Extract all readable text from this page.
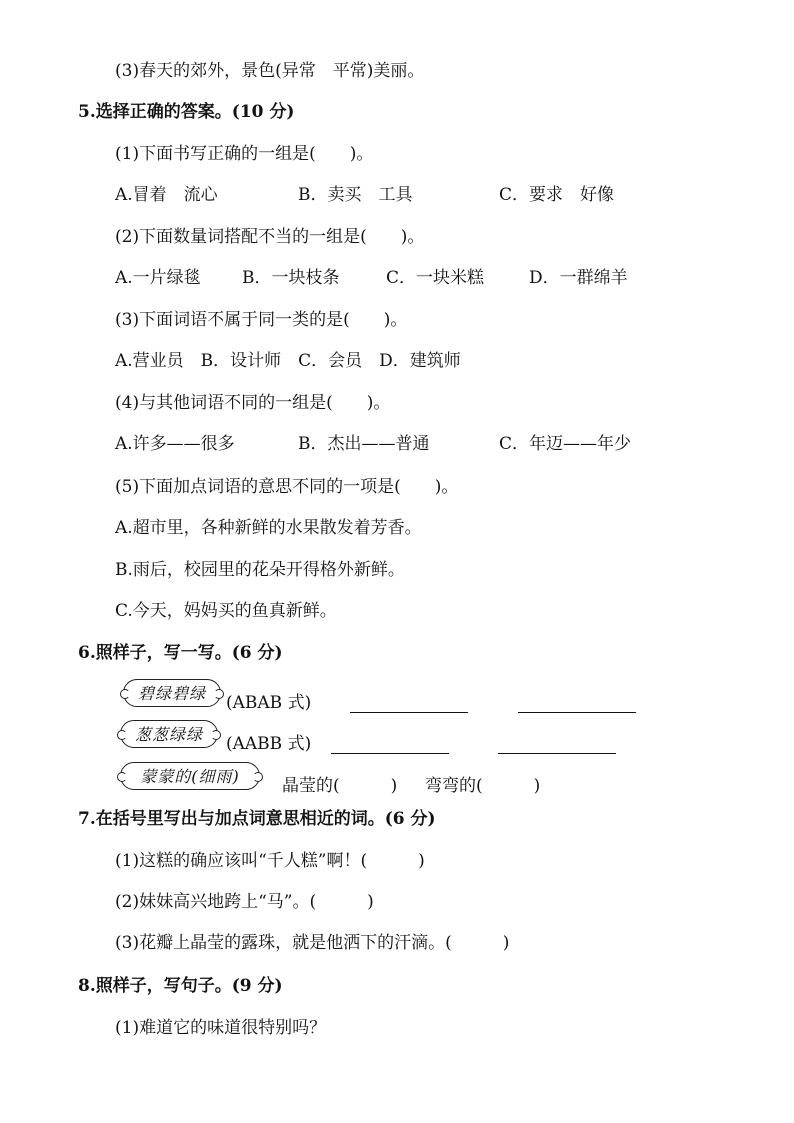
(3)春天的郊外，景色(异常　平常)美丽。
5.选择正确的答案。(10 分)
(1)下面书写正确的一组是(　　)。
A.冒着　流心	B．卖买　工具	C．要求　好像
(2)下面数量词搭配不当的一组是(　　)。
A.一片绿毯 B．一块枝条	C．一块米糕	D．一群绵羊
(3)下面词语不属于同一类的是(　　)。
A.营业员　B．设计师　C．会员　D．建筑师
(4)与其他词语不同的一组是(　　)。
A.许多——很多	B．杰出——普通	C．年迈——年少
(5)下面加点词语的意思不同的一项是(　　)。
A.超市里，各种新鲜的水果散发着芳香。
B.雨后，校园里的花朵开得格外新鲜。
C.今天，妈妈买的鱼真新鲜。
6.照样子，写一写。(6 分)
碧绿碧绿	(ABAB 式)
葱葱绿绿	(AABB 式)
蒙蒙的(细雨)	晶莹的(　　　) 弯弯的(　　　)
7.在括号里写出与加点词意思相近的词。(6 分)
(1)这糕的确应该叫“千人糕”啊！(　　　)
(2)妹妹高兴地跨上“马”。(　　　)
(3)花瓣上晶莹的露珠，就是他洒下的汗滴。(　　　)
8.照样子，写句子。(9 分)
(1)难道它的味道很特别吗？
